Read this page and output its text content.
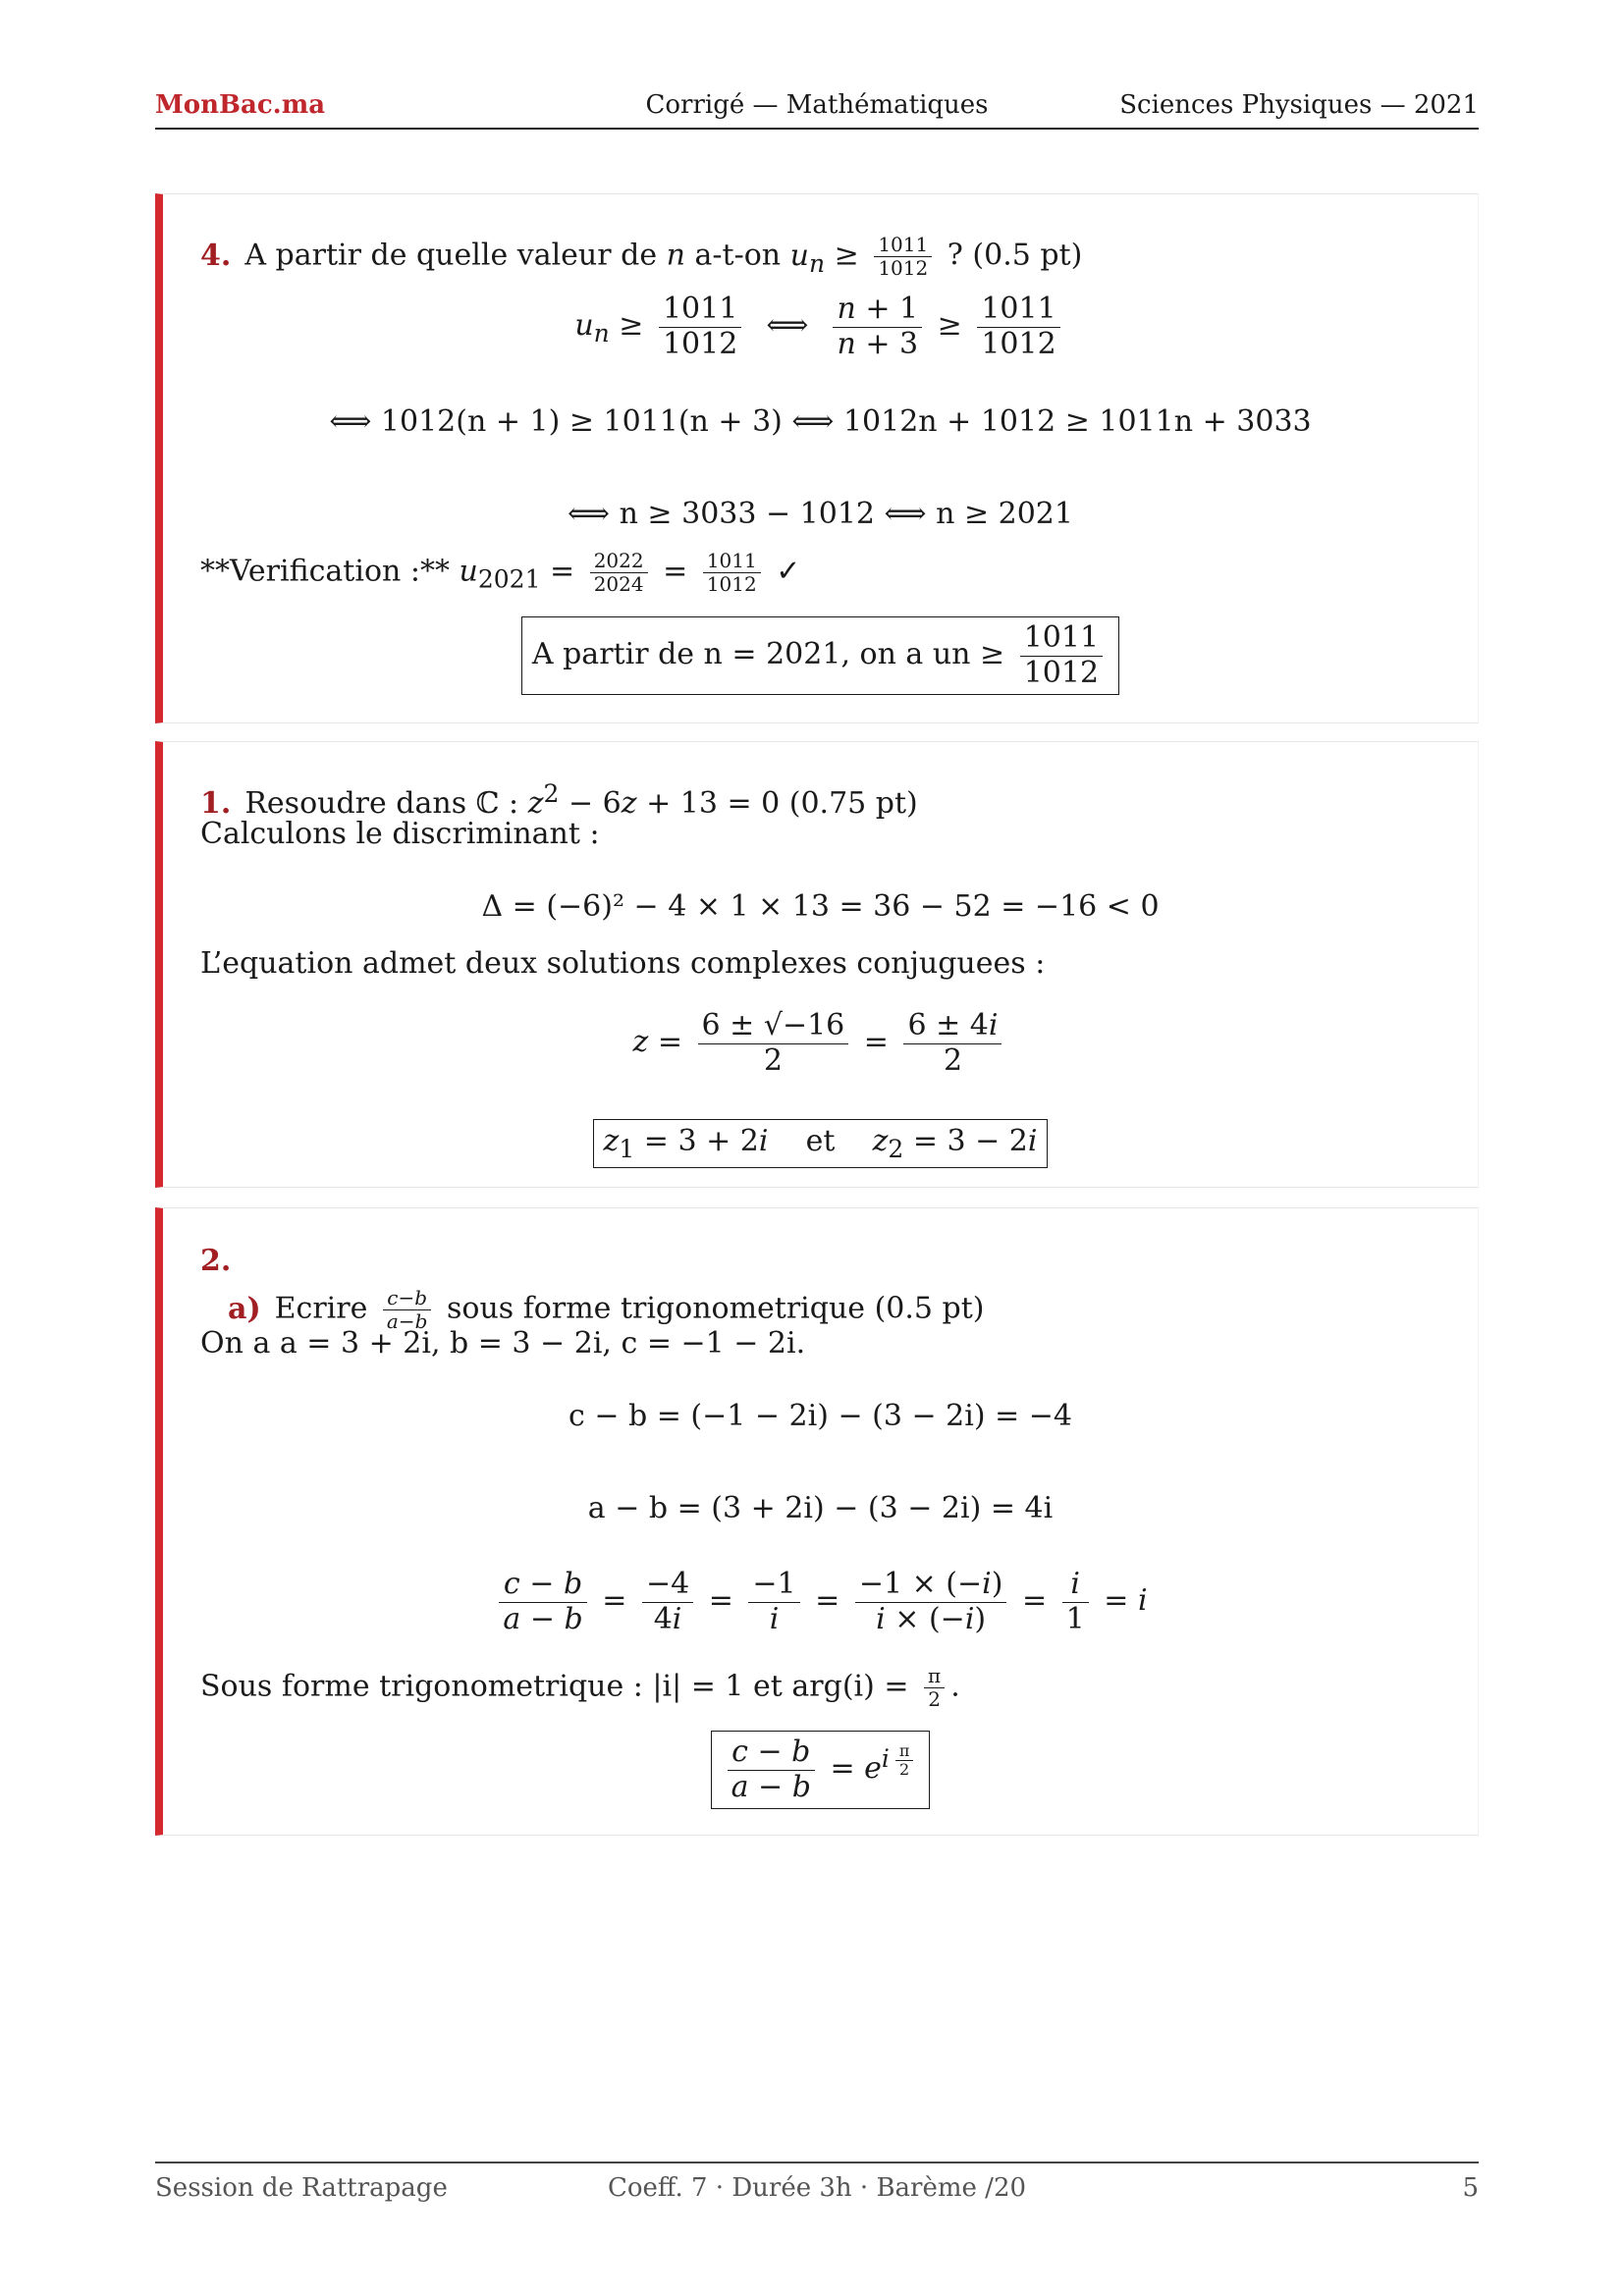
MonBac.ma	Corrigé — Mathématiques	Sciences Physiques — 2021
4. A partir de quelle valeur de n a-t-on $u_n \ge \frac{1011}{1012}$ ? (0.5 pt)
$u_n \ge \frac{1011}{1012}$ ⟺ $\frac{n + 1}{n + 3} \ge \frac{1011}{1012}$
⟺ 1012(n + 1) ≥ 1011(n + 3) ⟺ 1012n + 1012 ≥ 1011n + 3033
⟺ n ≥ 3033 − 1012 ⟺ n ≥ 2021
**Verification :** $u_{2021} = \frac{2022}{2024} = \frac{1011}{1012}$ ✓
A partir de n = 2021, on a un ≥ $\frac{1011}{1012}$
1. Resoudre dans ℂ : $z^2 - 6z + 13 = 0$ (0.75 pt)
Calculons le discriminant :
Δ = (−6)² − 4 × 1 × 13 = 36 − 52 = −16 < 0
L’equation admet deux solutions complexes conjuguees :
$z = \frac{6 \pm √-16}{2} = \frac{6 \pm 4i}{2}$
$z_1 = 3 + 2i$ et $z_2 = 3 - 2i$
2.
a) Ecrire $\frac{c-b}{a-b}$ sous forme trigonometrique (0.5 pt)
On a a = 3 + 2i, b = 3 − 2i, c = −1 − 2i.
c − b = (−1 − 2i) − (3 − 2i) = −4
a − b = (3 + 2i) − (3 − 2i) = 4i
$\frac{c - b}{a - b} = \frac{-4}{4i} = \frac{-1}{i} = \frac{-1 \times (-i)}{i \times (-i)} = \frac{i}{1} = i$
Sous forme trigonometrique : |i| = 1 et $arg(i) = \frac{\pi}{2}$ .
$\frac{c - b}{a - b} = e^{i \frac{\pi}{2}}$
Session de Rattrapage	Coeff. 7 · Durée 3h · Barème /20	5
